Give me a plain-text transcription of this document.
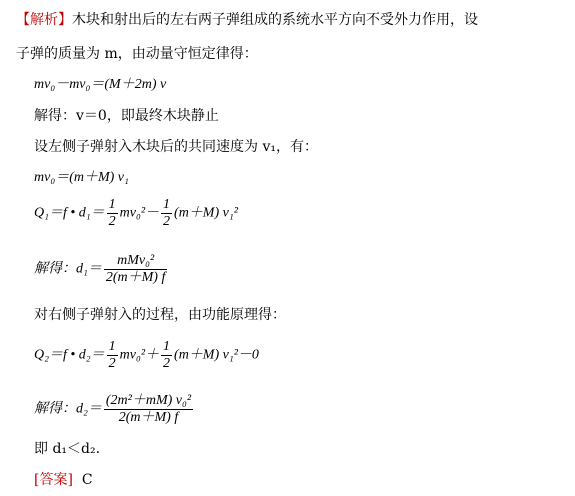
【解析】木块和射出后的左右两子弹组成的系统水平方向不受外力作用，设
子弹的质量为 m，由动量守恒定律得：
mv₀－mv₀＝(M＋2m) v
解得：v＝0，即最终木块静止
设左侧子弹射入木块后的共同速度为 v₁，有：
mv₀＝(m＋M) v₁
Q₁＝f • $d_1= \frac{1}{2} mv_0^2- \frac{1}{2} (m+M)$ v₁²
解得：$d_1= \frac{\text{mMv₀²}}{2(m+M) f}$
对右侧子弹射入的过程，由功能原理得：
Q₂＝f • $d_2= \frac{1}{2} mv_0^2+ \frac{1}{2} (m+M)$ v₁²－0
解得：$d_2= \frac{\text{(2m²＋mM) v₀²}}{2(m+M) f}$
即 d₁＜d₂.
[答案] C
